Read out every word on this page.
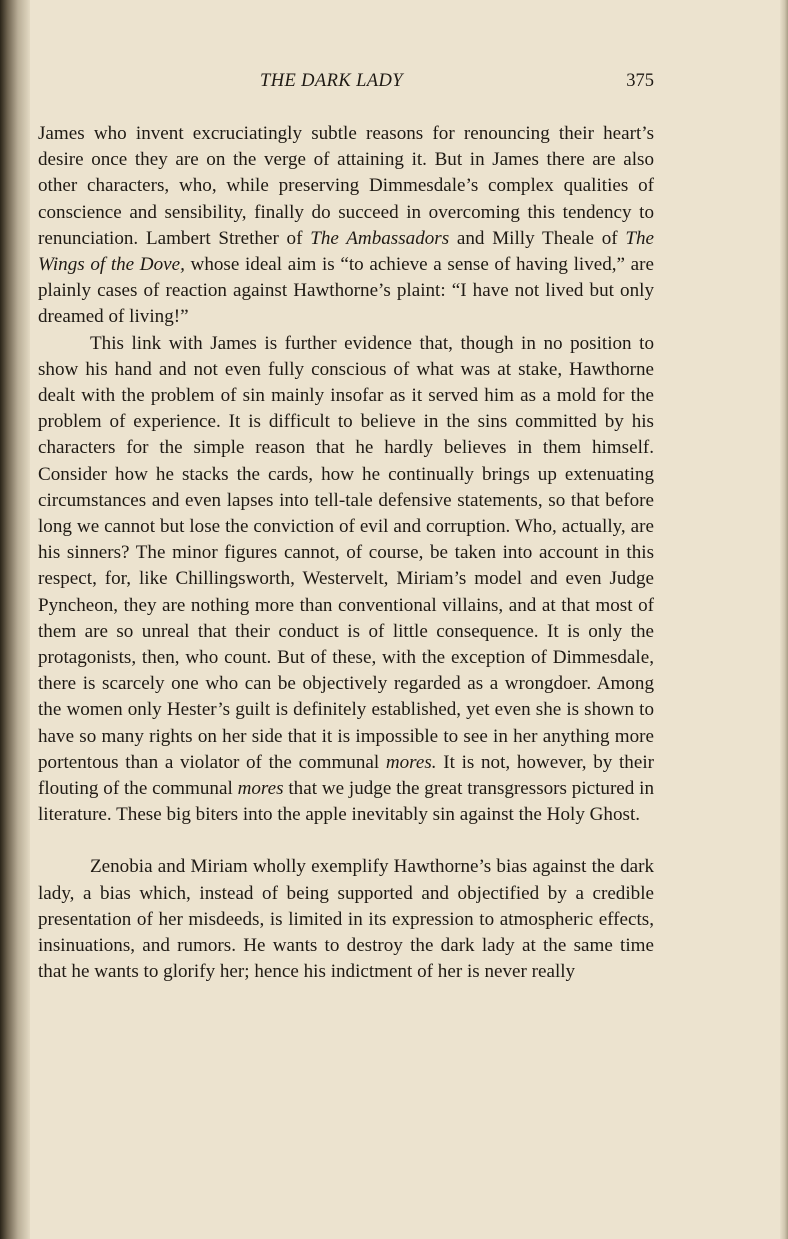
THE DARK LADY	375

James who invent excruciatingly subtle reasons for renouncing their heart’s desire once they are on the verge of attaining it. But in James there are also other characters, who, while preserving Dimmesdale’s complex qualities of conscience and sensibility, finally do succeed in overcoming this tendency to renunciation. Lambert Strether of The Ambassadors and Milly Theale of The Wings of the Dove, whose ideal aim is “to achieve a sense of having lived,” are plainly cases of reaction against Hawthorne’s plaint: “I have not lived but only dreamed of living!”

This link with James is further evidence that, though in no position to show his hand and not even fully conscious of what was at stake, Hawthorne dealt with the problem of sin mainly insofar as it served him as a mold for the problem of experience. It is difficult to believe in the sins committed by his characters for the simple reason that he hardly believes in them himself. Consider how he stacks the cards, how he continually brings up extenuating circumstances and even lapses into tell-tale defensive statements, so that before long we cannot but lose the conviction of evil and corruption. Who, actually, are his sinners? The minor figures cannot, of course, be taken into account in this respect, for, like Chillingsworth, Westervelt, Miriam’s model and even Judge Pyncheon, they are nothing more than conventional villains, and at that most of them are so unreal that their conduct is of little consequence. It is only the protagonists, then, who count. But of these, with the exception of Dimmesdale, there is scarcely one who can be objectively regarded as a wrongdoer. Among the women only Hester’s guilt is definitely established, yet even she is shown to have so many rights on her side that it is impossible to see in her anything more portentous than a violator of the communal mores. It is not, however, by their flouting of the communal mores that we judge the great transgressors pictured in literature. These big biters into the apple inevitably sin against the Holy Ghost.

Zenobia and Miriam wholly exemplify Hawthorne’s bias against the dark lady, a bias which, instead of being supported and objectified by a credible presentation of her misdeeds, is limited in its expression to atmospheric effects, insinuations, and rumors. He wants to destroy the dark lady at the same time that he wants to glorify her; hence his indictment of her is never really
